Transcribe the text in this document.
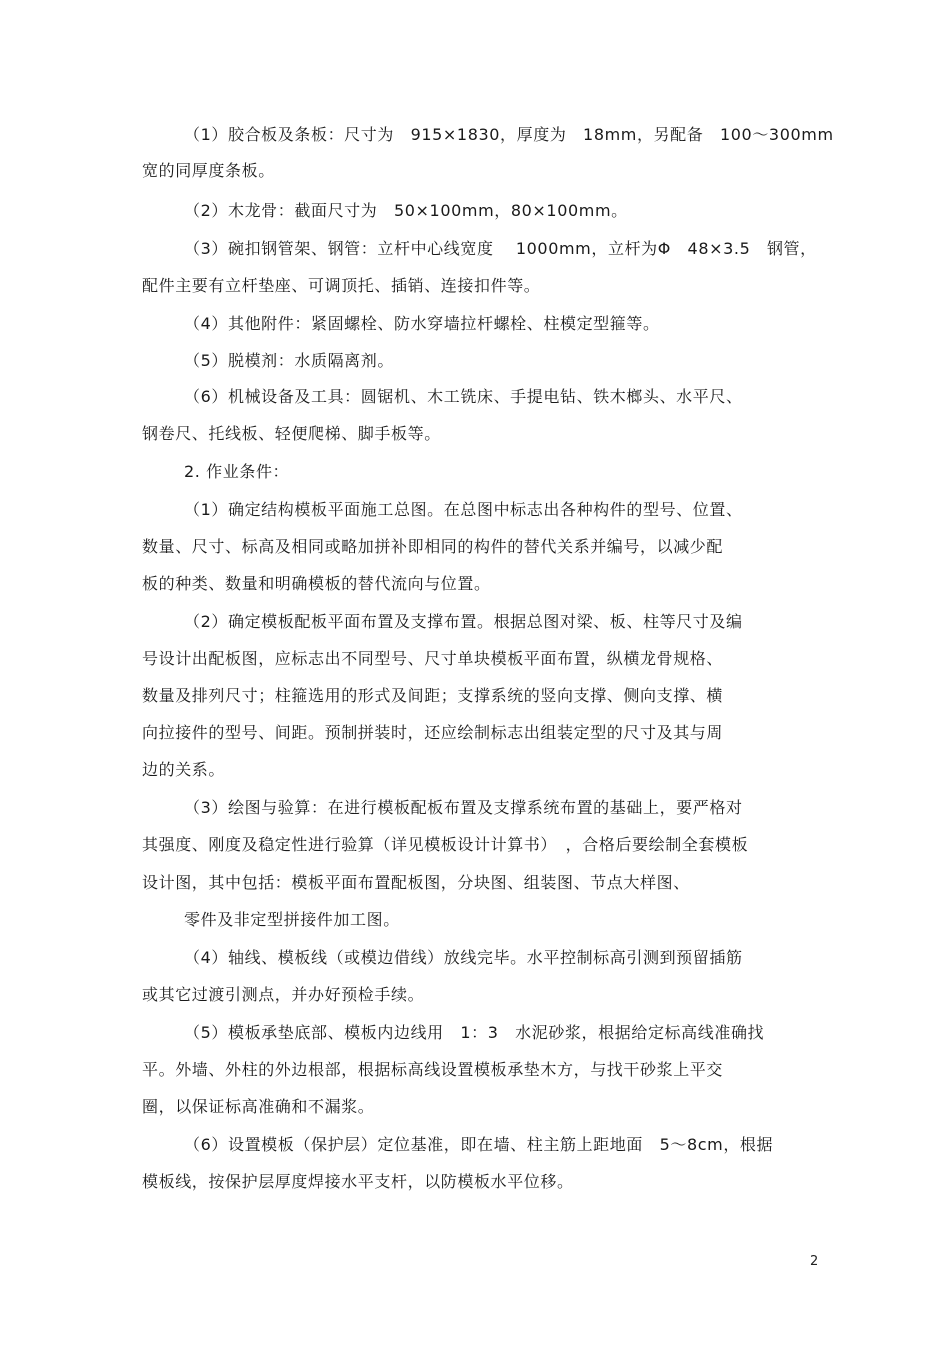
（1）胶合板及条板：尺寸为　915×1830，厚度为　18mm，另配备　100～300mm
宽的同厚度条板。
（2）木龙骨：截面尺寸为　50×100mm，80×100mm。
（3）碗扣钢管架、钢管：立杆中心线宽度　 1000mm，立杆为Φ　48×3.5　钢管，
配件主要有立杆垫座、可调顶托、插销、连接扣件等。
（4）其他附件：紧固螺栓、防水穿墙拉杆螺栓、柱模定型箍等。
（5）脱模剂：水质隔离剂。
（6）机械设备及工具：圆锯机、木工铣床、手提电钻、铁木榔头、水平尺、
钢卷尺、托线板、轻便爬梯、脚手板等。
2. 作业条件：
（1）确定结构模板平面施工总图。在总图中标志出各种构件的型号、位置、
数量、尺寸、标高及相同或略加拼补即相同的构件的替代关系并编号，以减少配
板的种类、数量和明确模板的替代流向与位置。
（2）确定模板配板平面布置及支撑布置。根据总图对梁、板、柱等尺寸及编
号设计出配板图，应标志出不同型号、尺寸单块模板平面布置，纵横龙骨规格、
数量及排列尺寸；柱箍选用的形式及间距；支撑系统的竖向支撑、侧向支撑、横
向拉接件的型号、间距。预制拼装时，还应绘制标志出组装定型的尺寸及其与周
边的关系。
（3）绘图与验算：在进行模板配板布置及支撑系统布置的基础上，要严格对
其强度、刚度及稳定性进行验算（详见模板设计计算书）　，合格后要绘制全套模板
设计图，其中包括：模板平面布置配板图，分块图、组装图、节点大样图、
零件及非定型拼接件加工图。
（4）轴线、模板线（或模边借线）放线完毕。水平控制标高引测到预留插筋
或其它过渡引测点，并办好预检手续。
（5）模板承垫底部、模板内边线用　1：3　水泥砂浆，根据给定标高线准确找
平。外墙、外柱的外边根部，根据标高线设置模板承垫木方，与找干砂浆上平交
圈，以保证标高准确和不漏浆。
（6）设置模板（保护层）定位基准，即在墙、柱主筋上距地面　5～8cm，根据
模板线，按保护层厚度焊接水平支杆，以防模板水平位移。
2
